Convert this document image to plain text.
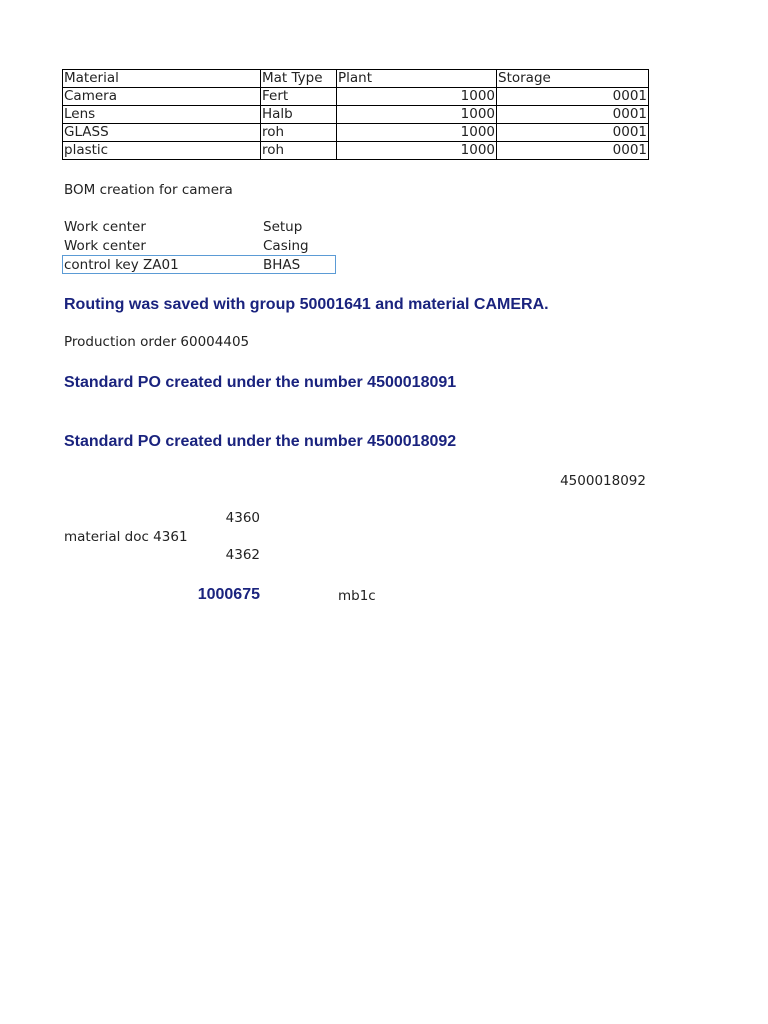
Material	Mat Type	Plant	Storage
Camera	Fert	1000	0001
Lens	Halb	1000	0001
GLASS	roh	1000	0001
plastic	roh	1000	0001
BOM creation for camera
Work center	Setup
Work center	Casing
control key ZA01	BHAS
Routing was saved with group 50001641 and material CAMERA.
Production order 60004405
Standard PO created under the number 4500018091
Standard PO created under the number 4500018092
4500018092
4360
material doc 4361
4362
1000675	mb1c
